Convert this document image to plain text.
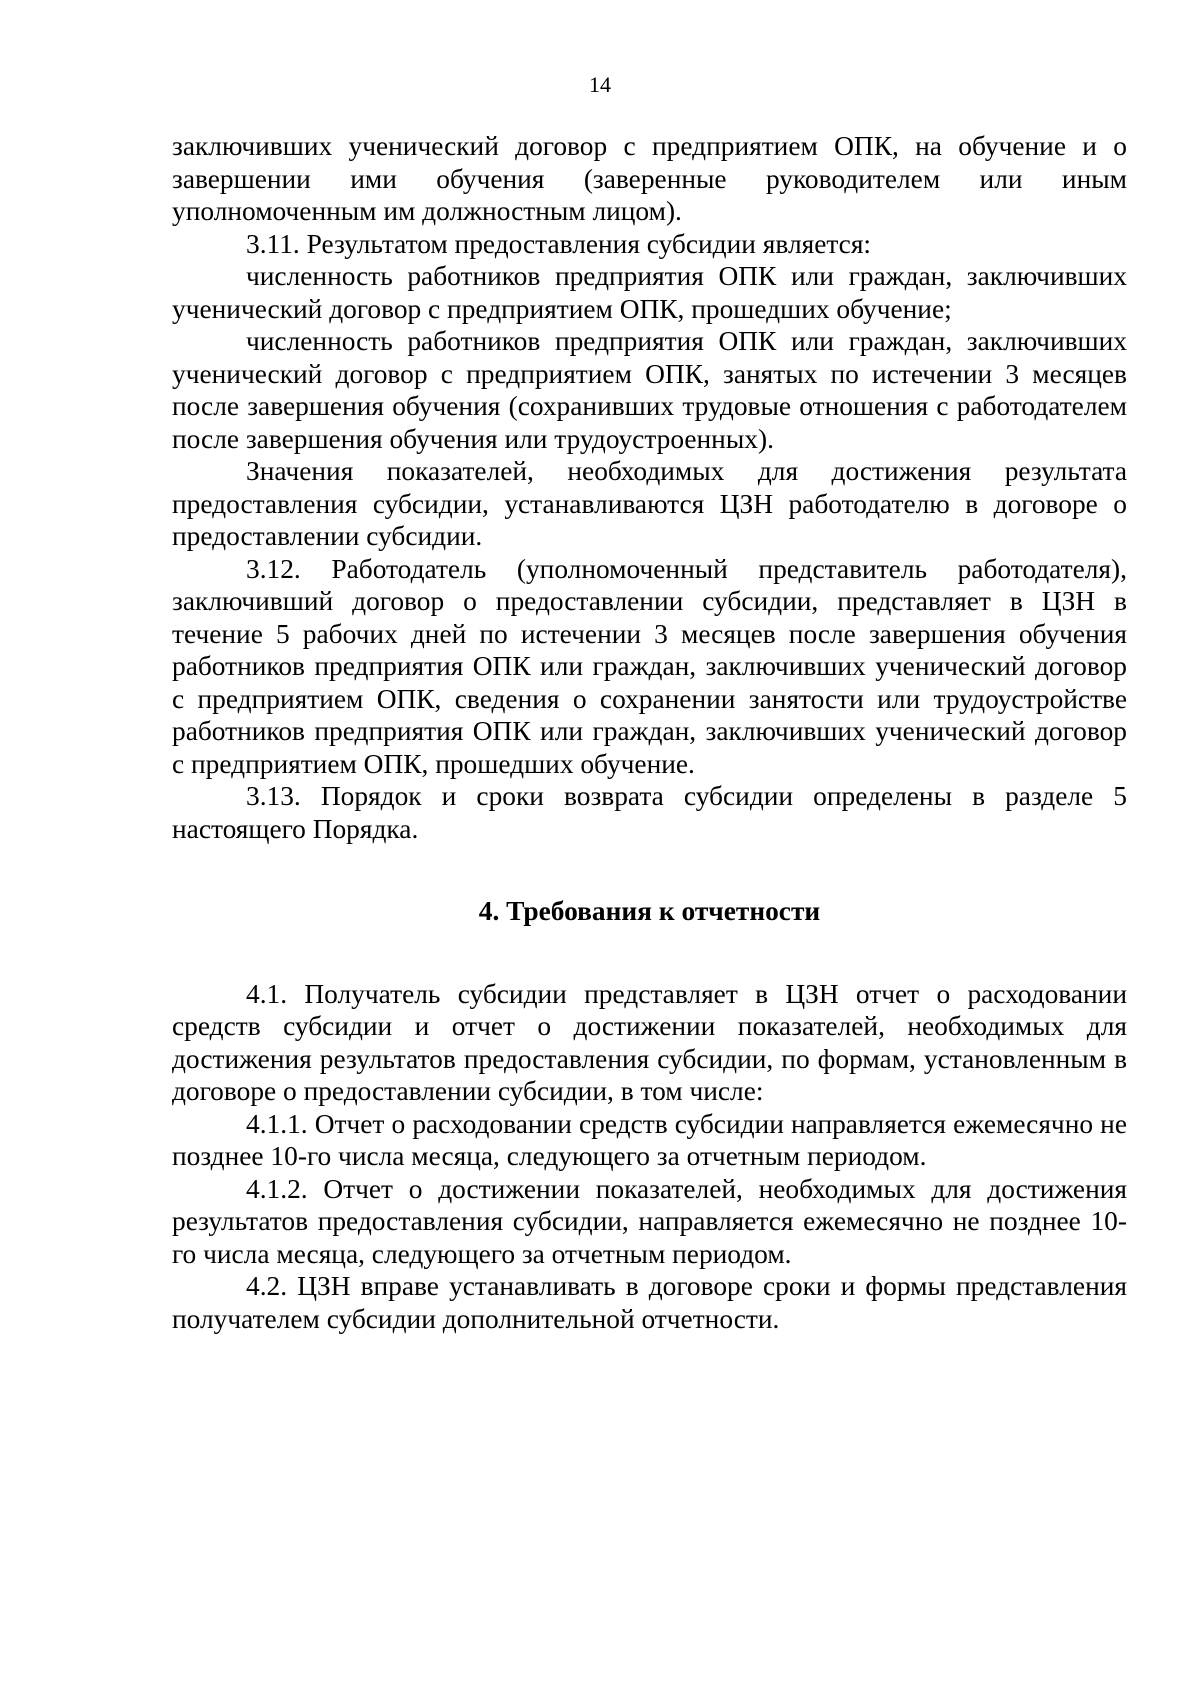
14

заключивших ученический договор с предприятием ОПК, на обучение и о завершении ими обучения (заверенные руководителем или иным уполномоченным им должностным лицом).

3.11. Результатом предоставления субсидии является:

численность работников предприятия ОПК или граждан, заключивших ученический договор с предприятием ОПК, прошедших обучение;

численность работников предприятия ОПК или граждан, заключивших ученический договор с предприятием ОПК, занятых по истечении 3 месяцев после завершения обучения (сохранивших трудовые отношения с работодателем после завершения обучения или трудоустроенных).

Значения показателей, необходимых для достижения результата предоставления субсидии, устанавливаются ЦЗН работодателю в договоре о предоставлении субсидии.

3.12. Работодатель (уполномоченный представитель работодателя), заключивший договор о предоставлении субсидии, представляет в ЦЗН в течение 5 рабочих дней по истечении 3 месяцев после завершения обучения работников предприятия ОПК или граждан, заключивших ученический договор с предприятием ОПК, сведения о сохранении занятости или трудоустройстве работников предприятия ОПК или граждан, заключивших ученический договор с предприятием ОПК, прошедших обучение.

3.13. Порядок и сроки возврата субсидии определены в разделе 5 настоящего Порядка.

4. Требования к отчетности

4.1. Получатель субсидии представляет в ЦЗН отчет о расходовании средств субсидии и отчет о достижении показателей, необходимых для достижения результатов предоставления субсидии, по формам, установленным в договоре о предоставлении субсидии, в том числе:

4.1.1. Отчет о расходовании средств субсидии направляется ежемесячно не позднее 10-го числа месяца, следующего за отчетным периодом.

4.1.2. Отчет о достижении показателей, необходимых для достижения результатов предоставления субсидии, направляется ежемесячно не позднее 10-го числа месяца, следующего за отчетным периодом.

4.2. ЦЗН вправе устанавливать в договоре сроки и формы представления получателем субсидии дополнительной отчетности.
